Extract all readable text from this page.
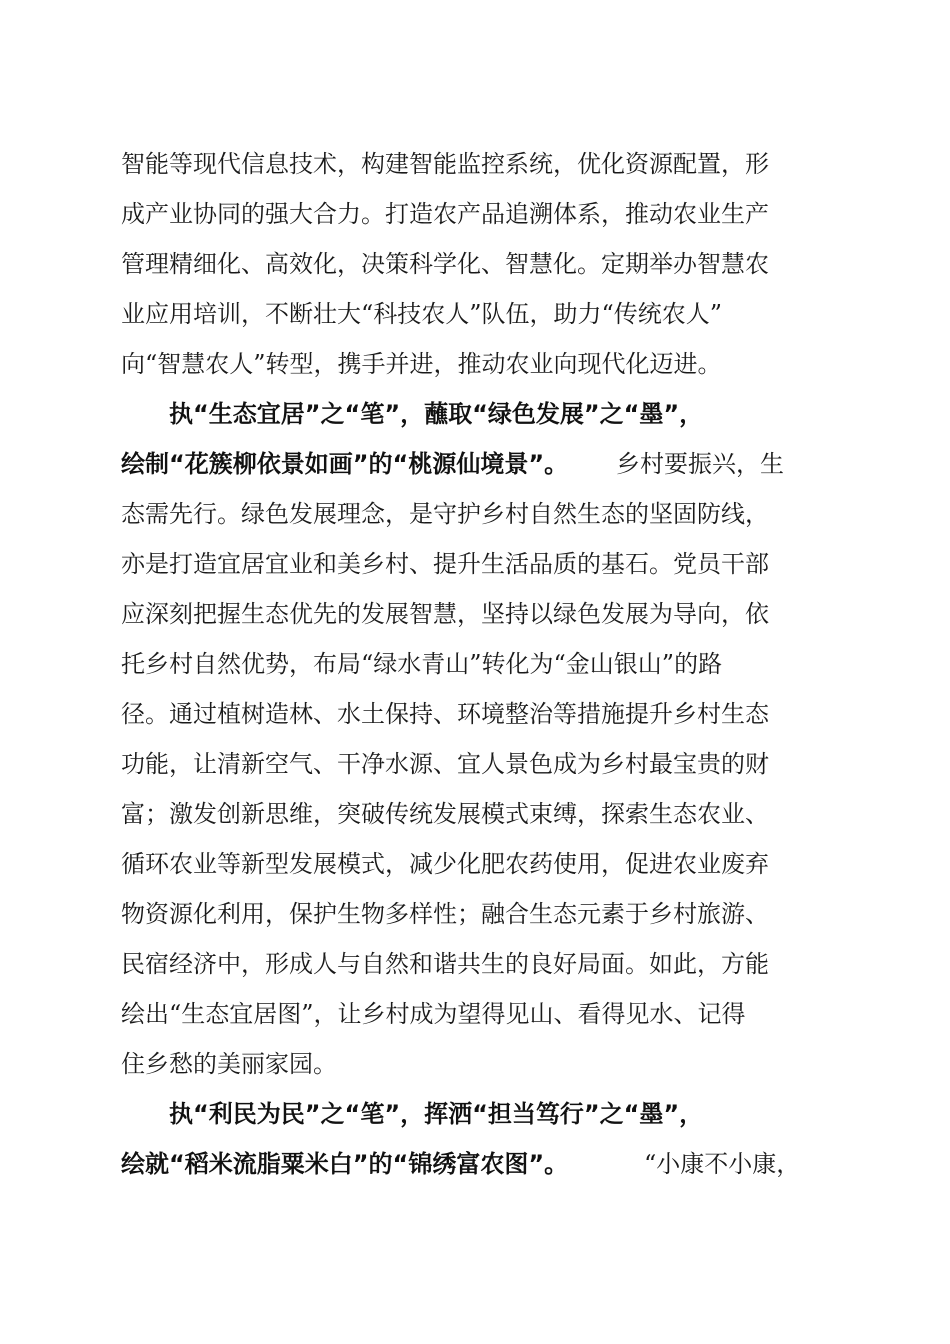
智能等现代信息技术，构建智能监控系统，优化资源配置，形
成产业协同的强大合力。打造农产品追溯体系，推动农业生产
管理精细化、高效化，决策科学化、智慧化。定期举办智慧农
业应用培训，不断壮大“科技农人”队伍，助力“传统农人”
向“智慧农人”转型，携手并进，推动农业向现代化迈进。
执“生态宜居”之“笔”，蘸取“绿色发展”之“墨”，
绘制“花簇柳依景如画”的“桃源仙境景”。	乡村要振兴，生
态需先行。绿色发展理念，是守护乡村自然生态的坚固防线，
亦是打造宜居宜业和美乡村、提升生活品质的基石。党员干部
应深刻把握生态优先的发展智慧，坚持以绿色发展为导向，依
托乡村自然优势，布局“绿水青山”转化为“金山银山”的路
径。通过植树造林、水土保持、环境整治等措施提升乡村生态
功能，让清新空气、干净水源、宜人景色成为乡村最宝贵的财
富；激发创新思维，突破传统发展模式束缚，探索生态农业、
循环农业等新型发展模式，减少化肥农药使用，促进农业废弃
物资源化利用，保护生物多样性；融合生态元素于乡村旅游、
民宿经济中，形成人与自然和谐共生的良好局面。如此，方能
绘出“生态宜居图”，让乡村成为望得见山、看得见水、记得
住乡愁的美丽家园。
执“利民为民”之“笔”，挥洒“担当笃行”之“墨”，
绘就“稻米流脂粟米白”的“锦绣富农图”。	“小康不小康，
